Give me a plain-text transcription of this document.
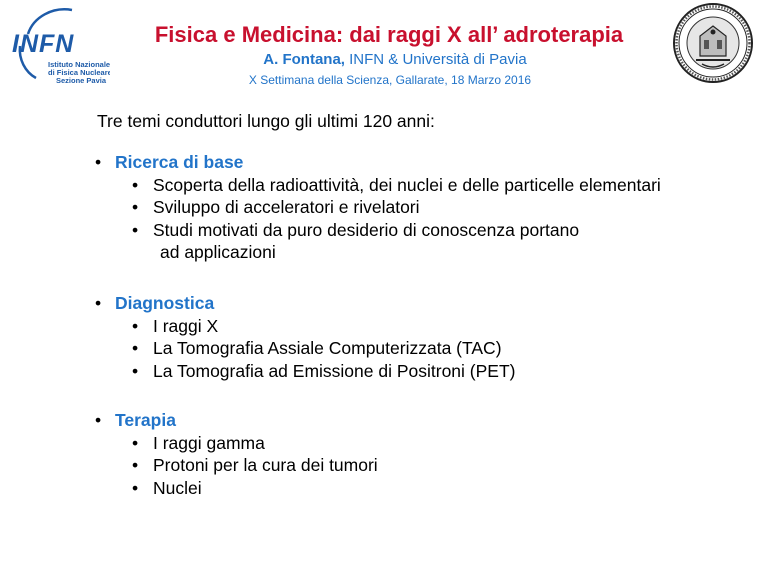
INFN
Istituto Nazionale
di Fisica Nucleare
Sezione Pavia
Fisica e Medicina: dai raggi X all’ adroterapia
A. Fontana, INFN & Università di Pavia
X Settimana della Scienza, Gallarate, 18 Marzo 2016
Tre temi conduttori lungo gli ultimi 120 anni:
• Ricerca di base
• Scoperta della radioattività, dei nuclei e delle particelle elementari
• Sviluppo di acceleratori e rivelatori
• Studi motivati da puro desiderio di conoscenza portano
ad applicazioni
• Diagnostica
• I raggi X
• La Tomografia Assiale Computerizzata (TAC)
• La Tomografia ad Emissione di Positroni (PET)
• Terapia
• I raggi gamma
• Protoni per la cura dei tumori
• Nuclei
